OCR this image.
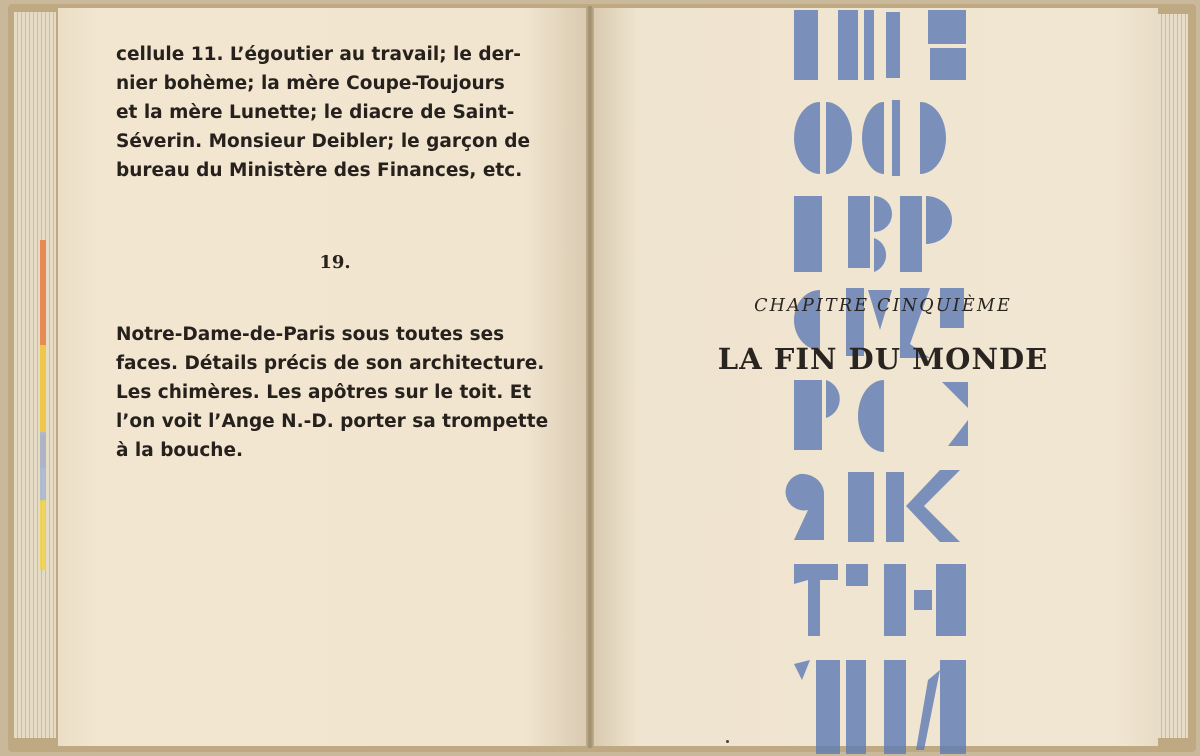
cellule 11. L’égoutier au travail; le der-
nier bohème; la mère Coupe-Toujours
et la mère Lunette; le diacre de Saint-
Séverin. Monsieur Deibler; le garçon de
bureau du Ministère des Finances, etc.
19.
Notre-Dame-de-Paris sous toutes ses
faces. Détails précis de son architecture.
Les chimères. Les apôtres sur le toit. Et
l’on voit l’Ange N.-D. porter sa trompette
à la bouche.
CHAPITRE CINQUIÈME
LA FIN DU MONDE
